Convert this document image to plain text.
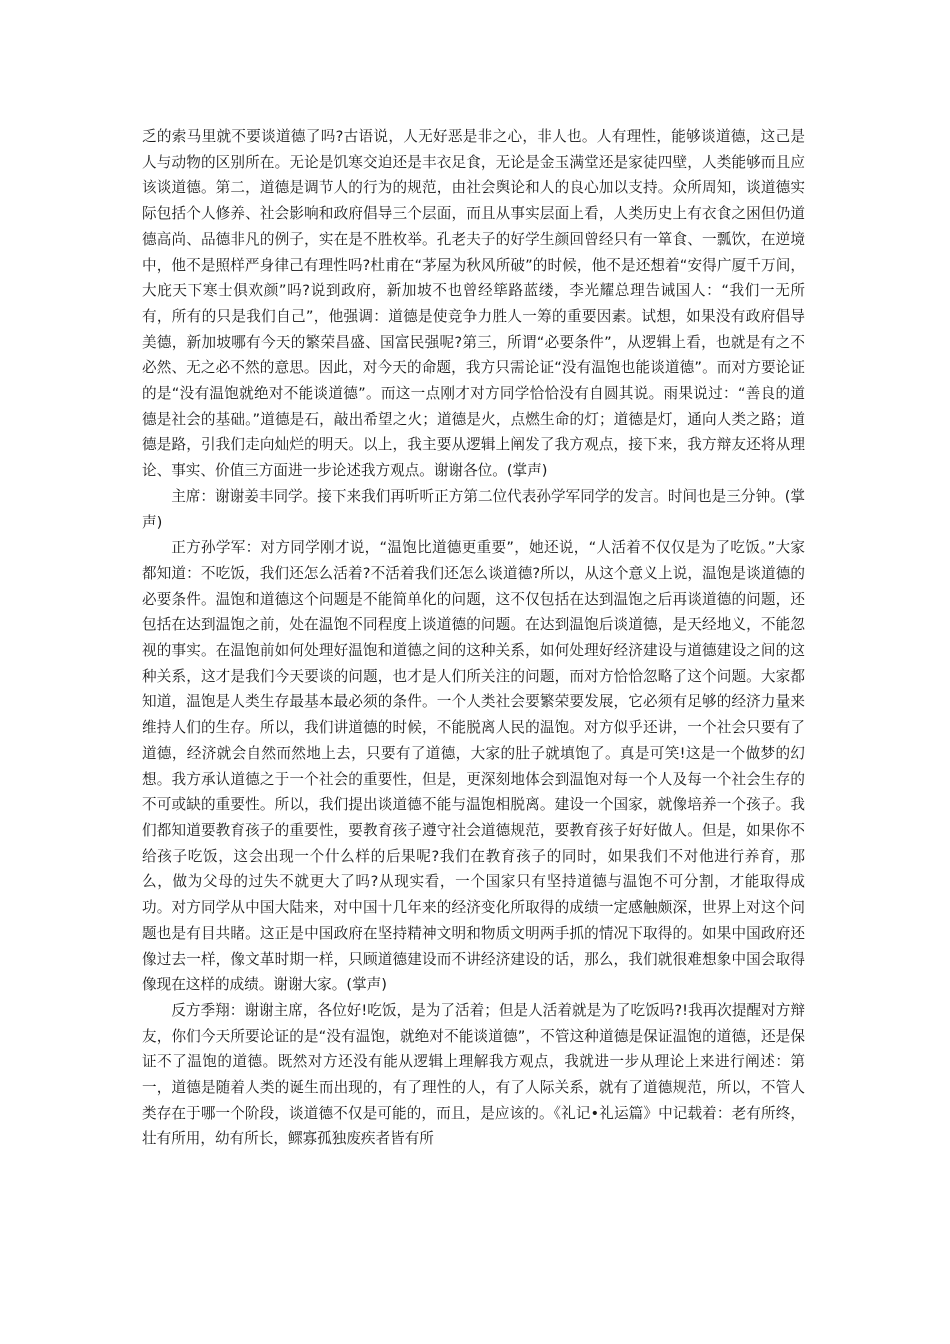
乏的索马里就不要谈道德了吗?古语说，人无好恶是非之心，非人也。人有理性，能够谈道德，这己是人与动物的区别所在。无论是饥寒交迫还是丰衣足食，无论是金玉满堂还是家徒四壁，人类能够而且应该谈道德。第二，道德是调节人的行为的规范，由社会舆论和人的良心加以支持。众所周知，谈道德实际包括个人修养、社会影响和政府倡导三个层面，而且从事实层面上看，人类历史上有衣食之困但仍道德高尚、品德非凡的例子，实在是不胜枚举。孔老夫子的好学生颜回曾经只有一箪食、一瓢饮，在逆境中，他不是照样严身律己有理性吗?杜甫在“茅屋为秋风所破”的时候，他不是还想着“安得广厦千万间，大庇天下寒士俱欢颜”吗?说到政府，新加坡不也曾经筚路蓝缕，李光耀总理告诫国人：“我们一无所有，所有的只是我们自己”，他强调：道德是使竞争力胜人一筹的重要因素。试想，如果没有政府倡导美德，新加坡哪有今天的繁荣昌盛、国富民强呢?第三，所谓“必要条件”，从逻辑上看，也就是有之不必然、无之必不然的意思。因此，对今天的命题，我方只需论证“没有温饱也能谈道德”。而对方要论证的是“没有温饱就绝对不能谈道德”。而这一点刚才对方同学恰恰没有自圆其说。雨果说过：“善良的道德是社会的基础。”道德是石，敲出希望之火；道德是火，点燃生命的灯；道德是灯，通向人类之路；道德是路，引我们走向灿烂的明天。以上，我主要从逻辑上阐发了我方观点，接下来，我方辩友还将从理论、事实、价值三方面进一步论述我方观点。谢谢各位。(掌声)

主席：谢谢姜丰同学。接下来我们再听听正方第二位代表孙学军同学的发言。时间也是三分钟。(掌声)

正方孙学军：对方同学刚才说，“温饱比道德更重要”，她还说，“人活着不仅仅是为了吃饭。”大家都知道：不吃饭，我们还怎么活着?不活着我们还怎么谈道德?所以，从这个意义上说，温饱是谈道德的必要条件。温饱和道德这个问题是不能简单化的问题，这不仅包括在达到温饱之后再谈道德的问题，还包括在达到温饱之前，处在温饱不同程度上谈道德的问题。在达到温饱后谈道德，是天经地义，不能忽视的事实。在温饱前如何处理好温饱和道德之间的这种关系，如何处理好经济建设与道德建设之间的这种关系，这才是我们今天要谈的问题，也才是人们所关注的问题，而对方恰恰忽略了这个问题。大家都知道，温饱是人类生存最基本最必须的条件。一个人类社会要繁荣要发展，它必须有足够的经济力量来维持人们的生存。所以，我们讲道德的时候，不能脱离人民的温饱。对方似乎还讲，一个社会只要有了道德，经济就会自然而然地上去，只要有了道德，大家的肚子就填饱了。真是可笑!这是一个做梦的幻想。我方承认道德之于一个社会的重要性，但是，更深刻地体会到温饱对每一个人及每一个社会生存的不可或缺的重要性。所以，我们提出谈道德不能与温饱相脱离。建设一个国家，就像培养一个孩子。我们都知道要教育孩子的重要性，要教育孩子遵守社会道德规范，要教育孩子好好做人。但是，如果你不给孩子吃饭，这会出现一个什么样的后果呢?我们在教育孩子的同时，如果我们不对他进行养育，那么，做为父母的过失不就更大了吗?从现实看，一个国家只有坚持道德与温饱不可分割，才能取得成功。对方同学从中国大陆来，对中国十几年来的经济变化所取得的成绩一定感触颇深，世界上对这个问题也是有目共睹。这正是中国政府在坚持精神文明和物质文明两手抓的情况下取得的。如果中国政府还像过去一样，像文革时期一样，只顾道德建设而不讲经济建设的话，那么，我们就很难想象中国会取得像现在这样的成绩。谢谢大家。(掌声)

反方季翔：谢谢主席，各位好!吃饭，是为了活着；但是人活着就是为了吃饭吗?!我再次提醒对方辩友，你们今天所要论证的是“没有温饱，就绝对不能谈道德”，不管这种道德是保证温饱的道德，还是保证不了温饱的道德。既然对方还没有能从逻辑上理解我方观点，我就进一步从理论上来进行阐述：第一，道德是随着人类的诞生而出现的，有了理性的人，有了人际关系，就有了道德规范，所以，不管人类存在于哪一个阶段，谈道德不仅是可能的，而且，是应该的。《礼记•礼运篇》中记载着：老有所终，壮有所用，幼有所长，鳏寡孤独废疾者皆有所
